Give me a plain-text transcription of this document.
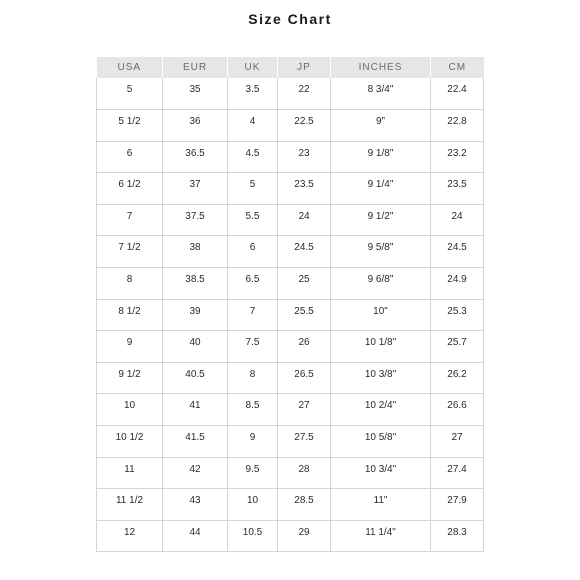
Size Chart
USA	EUR	UK	JP	INCHES	CM
5	35	3.5	22	8 3/4"	22.4
5 1/2	36	4	22.5	9"	22.8
6	36.5	4.5	23	9 1/8"	23.2
6 1/2	37	5	23.5	9 1/4"	23.5
7	37.5	5.5	24	9 1/2"	24
7 1/2	38	6	24.5	9 5/8"	24.5
8	38.5	6.5	25	9 6/8"	24.9
8 1/2	39	7	25.5	10"	25.3
9	40	7.5	26	10 1/8"	25.7
9 1/2	40.5	8	26.5	10 3/8"	26.2
10	41	8.5	27	10 2/4"	26.6
10 1/2	41.5	9	27.5	10 5/8"	27
11	42	9.5	28	10 3/4"	27.4
11 1/2	43	10	28.5	11"	27.9
12	44	10.5	29	11 1/4"	28.3
